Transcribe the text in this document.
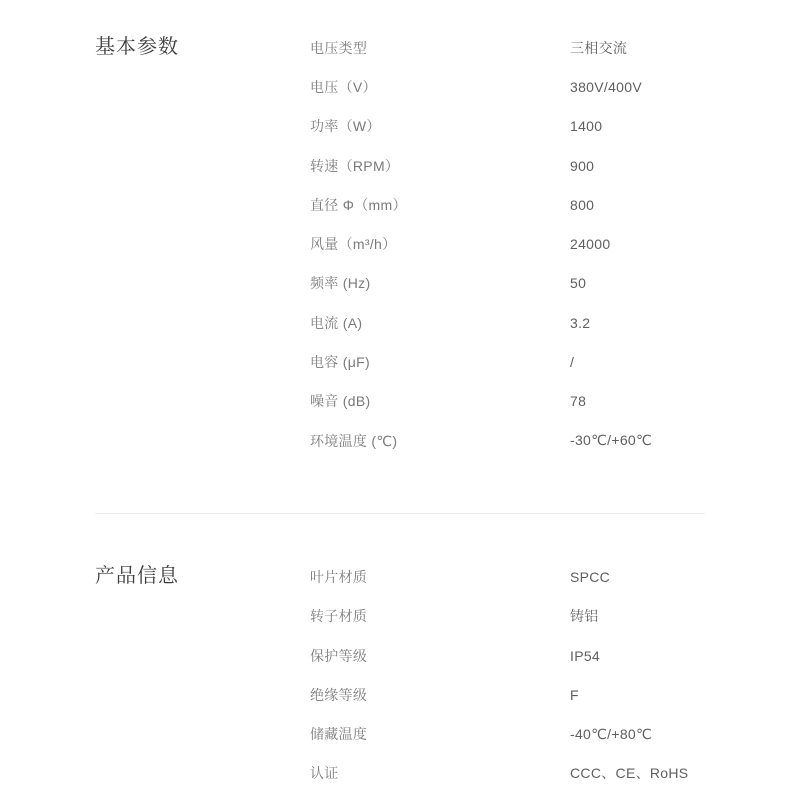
基本参数	电压类型	三相交流
电压（V）	380V/400V
功率（W）	1400
转速（RPM）	900
直径 Φ（mm）	800
风量（m³/h）	24000
频率 (Hz)	50
电流 (A)	3.2
电容 (μF)	/
噪音 (dB)	78
环境温度 (℃)	-30℃/+60℃
产品信息	叶片材质	SPCC
转子材质	铸铝
保护等级	IP54
绝缘等级	F
储藏温度	-40℃/+80℃
认证	CCC、CE、RoHS
